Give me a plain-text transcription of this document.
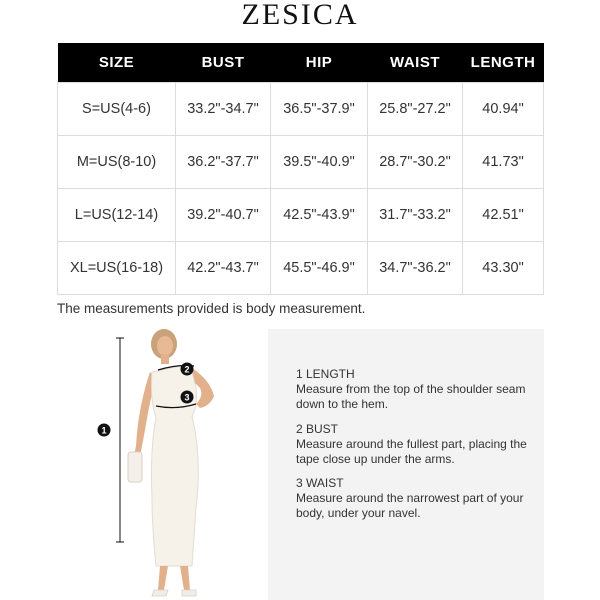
ZESICA
SIZE	BUST	HIP	WAIST	LENGTH
S=US(4-6)	33.2"-34.7"	36.5"-37.9"	25.8"-27.2"	40.94"
M=US(8-10)	36.2"-37.7"	39.5"-40.9"	28.7"-30.2"	41.73"
L=US(12-14)	39.2"-40.7"	42.5"-43.9"	31.7"-33.2"	42.51"
XL=US(16-18)	42.2"-43.7"	45.5"-46.9"	34.7"-36.2"	43.30"
The measurements provided is body measurement.
1
2
3
1 LENGTH
Measure from the top of the shoulder seam down to the hem.
2 BUST
Measure around the fullest part, placing the tape close up under the arms.
3 WAIST
Measure around the narrowest part of your body, under your navel.
